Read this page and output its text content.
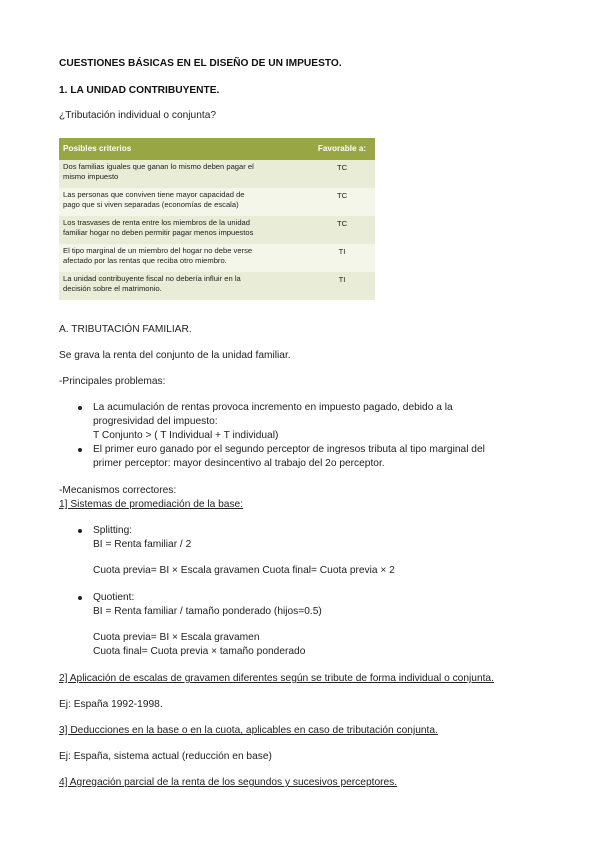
CUESTIONES BÁSICAS EN EL DISEÑO DE UN IMPUESTO.
1. LA UNIDAD CONTRIBUYENTE.
¿Tributación individual o conjunta?
Posibles criterios	Favorable a:
Dos familias iguales que ganan lo mismo deben pagar el
mismo impuesto	TC
Las personas que conviven tiene mayor capacidad de
pago que si viven separadas (economías de escala)	TC
Los trasvases de renta entre los miembros de la unidad
familiar hogar no deben permitir pagar menos impuestos	TC
El tipo marginal de un miembro del hogar no debe verse
afectado por las rentas que reciba otro miembro.	TI
La unidad contribuyente fiscal no debería influir en la
decisión sobre el matrimonio.	TI
A. TRIBUTACIÓN FAMILIAR.
Se grava la renta del conjunto de la unidad familiar.
-Principales problemas:
La acumulación de rentas provoca incremento en impuesto pagado, debido a la
progresividad del impuesto:
T Conjunto > ( T Individual + T individual)
El primer euro ganado por el segundo perceptor de ingresos tributa al tipo marginal del
primer perceptor: mayor desincentivo al trabajo del 2o perceptor.
-Mecanismos correctores:
1] Sistemas de promediación de la base:
Splitting:
BI = Renta familiar / 2
Cuota previa= BI × Escala gravamen Cuota final= Cuota previa × 2
Quotient:
BI = Renta familiar / tamaño ponderado (hijos=0.5)
Cuota previa= BI × Escala gravamen
Cuota final= Cuota previa × tamaño ponderado
2] Aplicación de escalas de gravamen diferentes según se tribute de forma individual o conjunta.
Ej: España 1992-1998.
3] Deducciones en la base o en la cuota, aplicables en caso de tributación conjunta.
Ej: España, sistema actual (reducción en base)
4] Agregación parcial de la renta de los segundos y sucesivos perceptores.
